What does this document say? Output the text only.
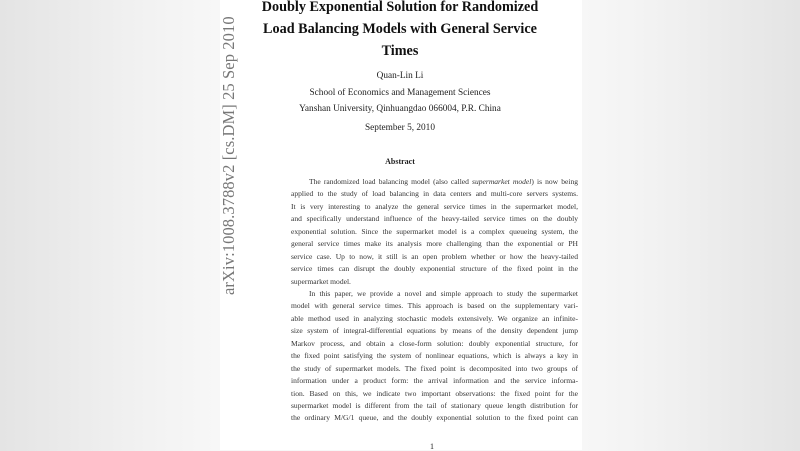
arXiv:1008.3788v2 [cs.DM] 25 Sep 2010
Doubly Exponential Solution for Randomized
Load Balancing Models with General Service
Times
Quan-Lin Li
School of Economics and Management Sciences
Yanshan University, Qinhuangdao 066004, P.R. China
September 5, 2010
Abstract
The randomized load balancing model (also called supermarket model) is now being
applied to the study of load balancing in data centers and multi-core servers systems.
It is very interesting to analyze the general service times in the supermarket model,
and specifically understand influence of the heavy-tailed service times on the doubly
exponential solution. Since the supermarket model is a complex queueing system, the
general service times make its analysis more challenging than the exponential or PH
service case. Up to now, it still is an open problem whether or how the heavy-tailed
service times can disrupt the doubly exponential structure of the fixed point in the
supermarket model.
In this paper, we provide a novel and simple approach to study the supermarket
model with general service times. This approach is based on the supplementary vari-
able method used in analyzing stochastic models extensively. We organize an infinite-
size system of integral-differential equations by means of the density dependent jump
Markov process, and obtain a close-form solution: doubly exponential structure, for
the fixed point satisfying the system of nonlinear equations, which is always a key in
the study of supermarket models. The fixed point is decomposited into two groups of
information under a product form: the arrival information and the service informa-
tion. Based on this, we indicate two important observations: the fixed point for the
supermarket model is different from the tail of stationary queue length distribution for
the ordinary M/G/1 queue, and the doubly exponential solution to the fixed point can
1
